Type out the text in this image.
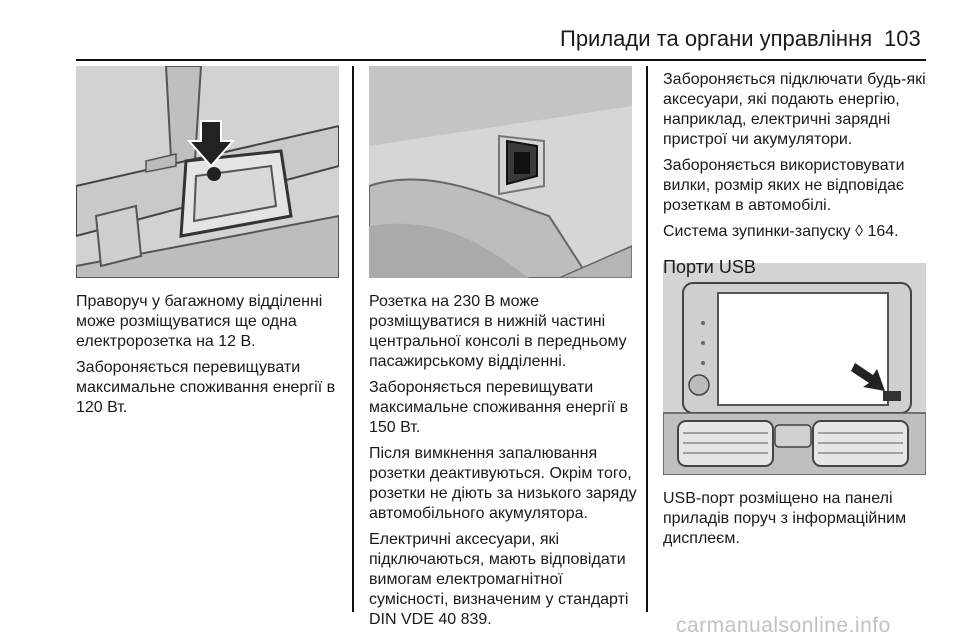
Прилади та органи управління 103

Праворуч у багажному відділенні може розміщуватися ще одна електророзетка на 12 В.

Забороняється перевищувати максимальне споживання енергії в 120 Вт.

Розетка на 230 В може розміщуватися в нижній частині центральної консолі в передньому пасажирському відділенні.

Забороняється перевищувати максимальне споживання енергії в 150 Вт.

Після вимкнення запалювання розетки деактивуються. Окрім того, розетки не діють за низького заряду автомобільного акумулятора.

Електричні аксесуари, які підключаються, мають відповідати вимогам електромагнітної сумісності, визначеним у стандарті DIN VDE 40 839.

Забороняється підключати будь-які аксесуари, які подають енергію, наприклад, електричні зарядні пристрої чи акумулятори.

Забороняється використовувати вилки, розмір яких не відповідає розеткам в автомобілі.

Система зупинки-запуску ◊ 164.

Порти USB

USB-порт розміщено на панелі приладів поруч з інформаційним дисплеєм.

carmanualsonline.info
